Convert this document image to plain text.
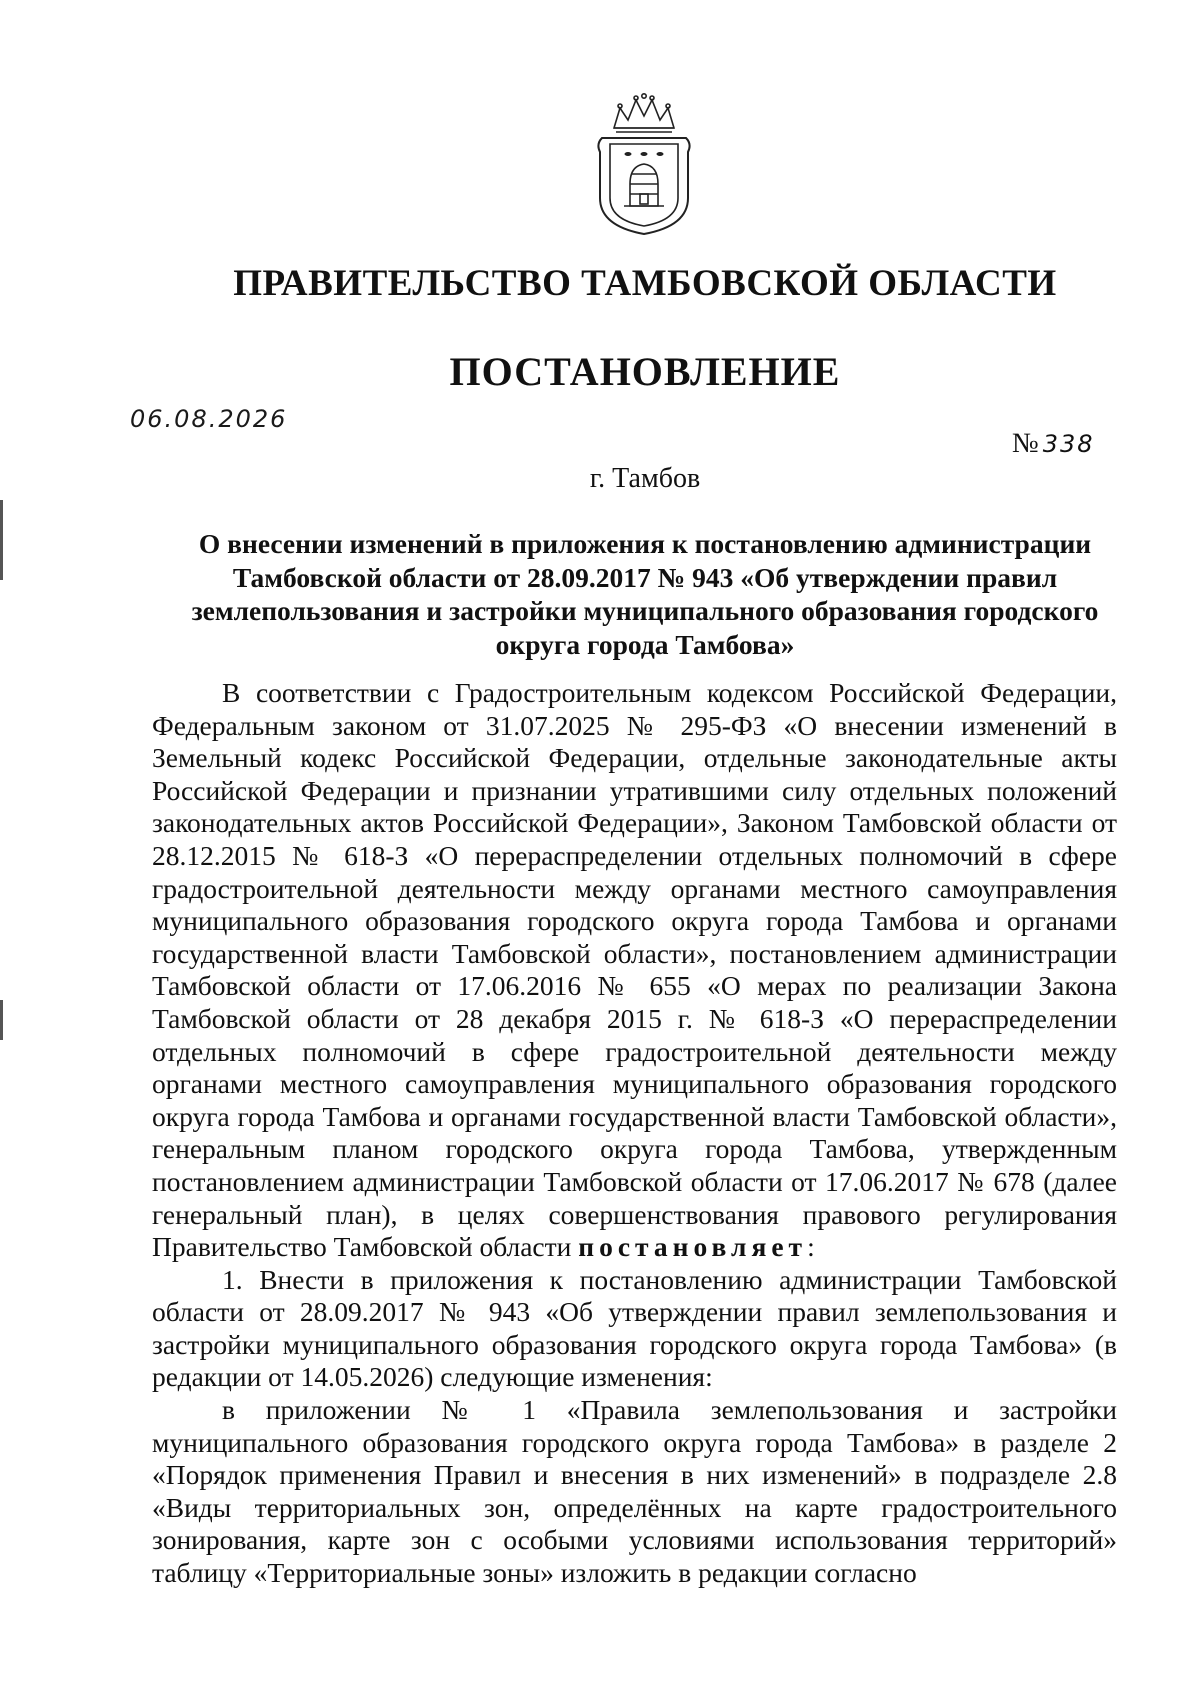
ПРАВИТЕЛЬСТВО ТАМБОВСКОЙ ОБЛАСТИ
ПОСТАНОВЛЕНИЕ
06.08.2026
№ 338
г. Тамбов
О внесении изменений в приложения к постановлению администрации Тамбовской области от 28.09.2017 № 943 «Об утверждении правил землепользования и застройки муниципального образования городского округа города Тамбова»

В соответствии с Градостроительным кодексом Российской Федерации, Федеральным законом от 31.07.2025 № 295-ФЗ «О внесении изменений в Земельный кодекс Российской Федерации, отдельные законодательные акты Российской Федерации и признании утратившими силу отдельных положений законодательных актов Российской Федерации», Законом Тамбовской области от 28.12.2015 № 618-З «О перераспределении отдельных полномочий в сфере градостроительной деятельности между органами местного самоуправления муниципального образования городского округа города Тамбова и органами государственной власти Тамбовской области», постановлением администрации Тамбовской области от 17.06.2016 № 655 «О мерах по реализации Закона Тамбовской области от 28 декабря 2015 г. № 618-З «О перераспределении отдельных полномочий в сфере градостроительной деятельности между органами местного самоуправления муниципального образования городского округа города Тамбова и органами государственной власти Тамбовской области», генеральным планом городского округа города Тамбова, утвержденным постановлением администрации Тамбовской области от 17.06.2017 № 678 (далее генеральный план), в целях совершенствования правового регулирования Правительство Тамбовской области постановляет:

1. Внести в приложения к постановлению администрации Тамбовской области от 28.09.2017 № 943 «Об утверждении правил землепользования и застройки муниципального образования городского округа города Тамбова» (в редакции от 14.05.2026) следующие изменения:

в приложении № 1 «Правила землепользования и застройки муниципального образования городского округа города Тамбова» в разделе 2 «Порядок применения Правил и внесения в них изменений» в подразделе 2.8 «Виды территориальных зон, определённых на карте градостроительного зонирования, карте зон с особыми условиями использования территорий» таблицу «Территориальные зоны» изложить в редакции согласно
